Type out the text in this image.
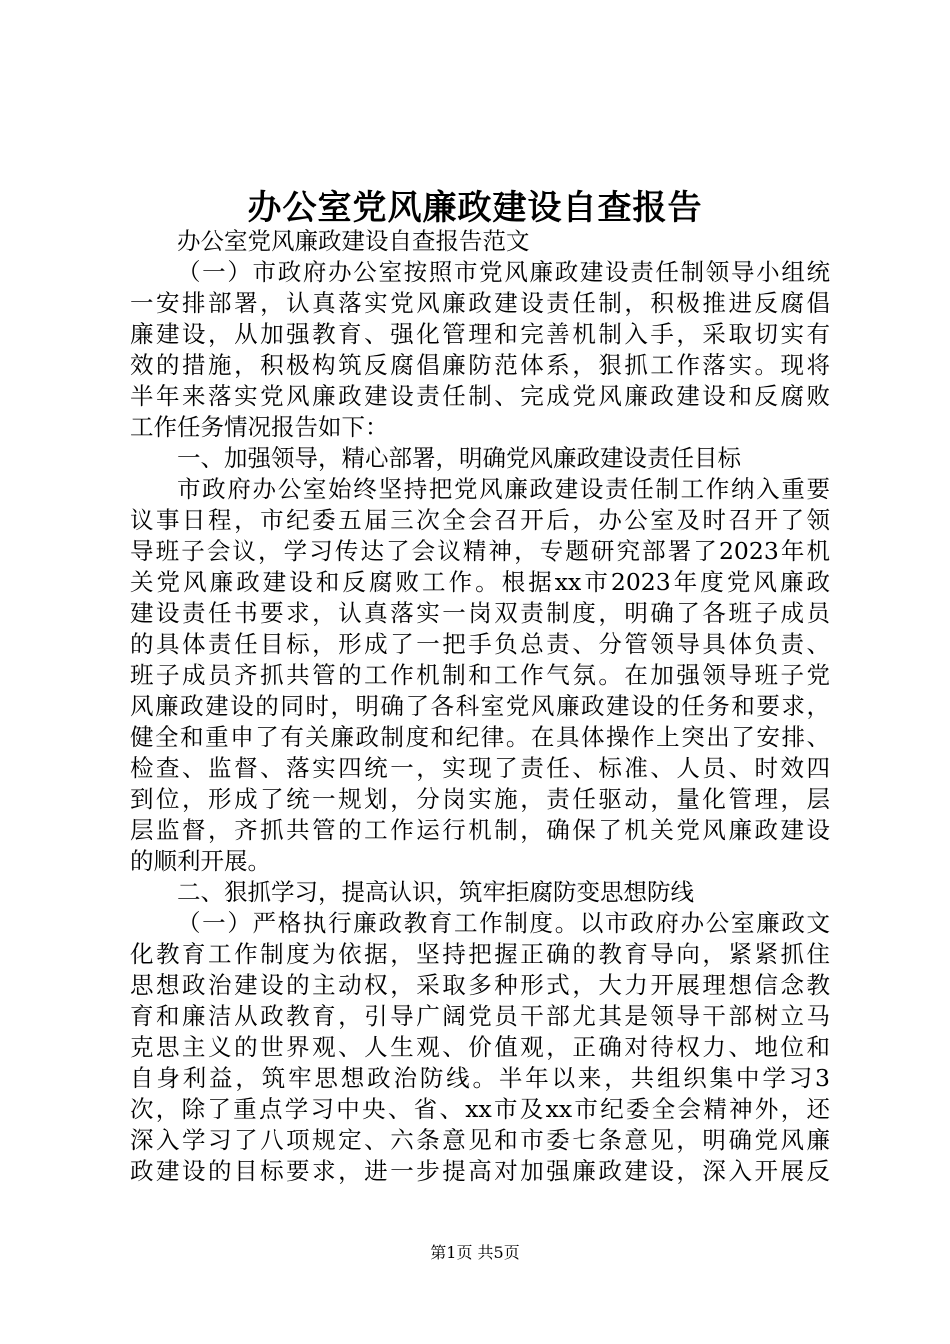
办公室党风廉政建设自查报告
办公室党风廉政建设自查报告范文
（一）市政府办公室按照市党风廉政建设责任制领导小组统
一安排部署，认真落实党风廉政建设责任制，积极推进反腐倡
廉建设，从加强教育、强化管理和完善机制入手，采取切实有
效的措施，积极构筑反腐倡廉防范体系，狠抓工作落实。现将
半年来落实党风廉政建设责任制、完成党风廉政建设和反腐败
工作任务情况报告如下：
一、加强领导，精心部署，明确党风廉政建设责任目标
市政府办公室始终坚持把党风廉政建设责任制工作纳入重要
议事日程，市纪委五届三次全会召开后，办公室及时召开了领
导班子会议，学习传达了会议精神，专题研究部署了2023年机
关党风廉政建设和反腐败工作。根据xx市2023年度党风廉政
建设责任书要求，认真落实一岗双责制度，明确了各班子成员
的具体责任目标，形成了一把手负总责、分管领导具体负责、
班子成员齐抓共管的工作机制和工作气氛。在加强领导班子党
风廉政建设的同时，明确了各科室党风廉政建设的任务和要求，
健全和重申了有关廉政制度和纪律。在具体操作上突出了安排、
检查、监督、落实四统一，实现了责任、标准、人员、时效四
到位，形成了统一规划，分岗实施，责任驱动，量化管理，层
层监督，齐抓共管的工作运行机制，确保了机关党风廉政建设
的顺利开展。
二、狠抓学习，提高认识，筑牢拒腐防变思想防线
（一）严格执行廉政教育工作制度。以市政府办公室廉政文
化教育工作制度为依据，坚持把握正确的教育导向，紧紧抓住
思想政治建设的主动权，采取多种形式，大力开展理想信念教
育和廉洁从政教育，引导广阔党员干部尤其是领导干部树立马
克思主义的世界观、人生观、价值观，正确对待权力、地位和
自身利益，筑牢思想政治防线。半年以来，共组织集中学习3
次，除了重点学习中央、省、xx市及xx市纪委全会精神外，还
深入学习了八项规定、六条意见和市委七条意见，明确党风廉
政建设的目标要求，进一步提高对加强廉政建设，深入开展反
第1页 共5页
